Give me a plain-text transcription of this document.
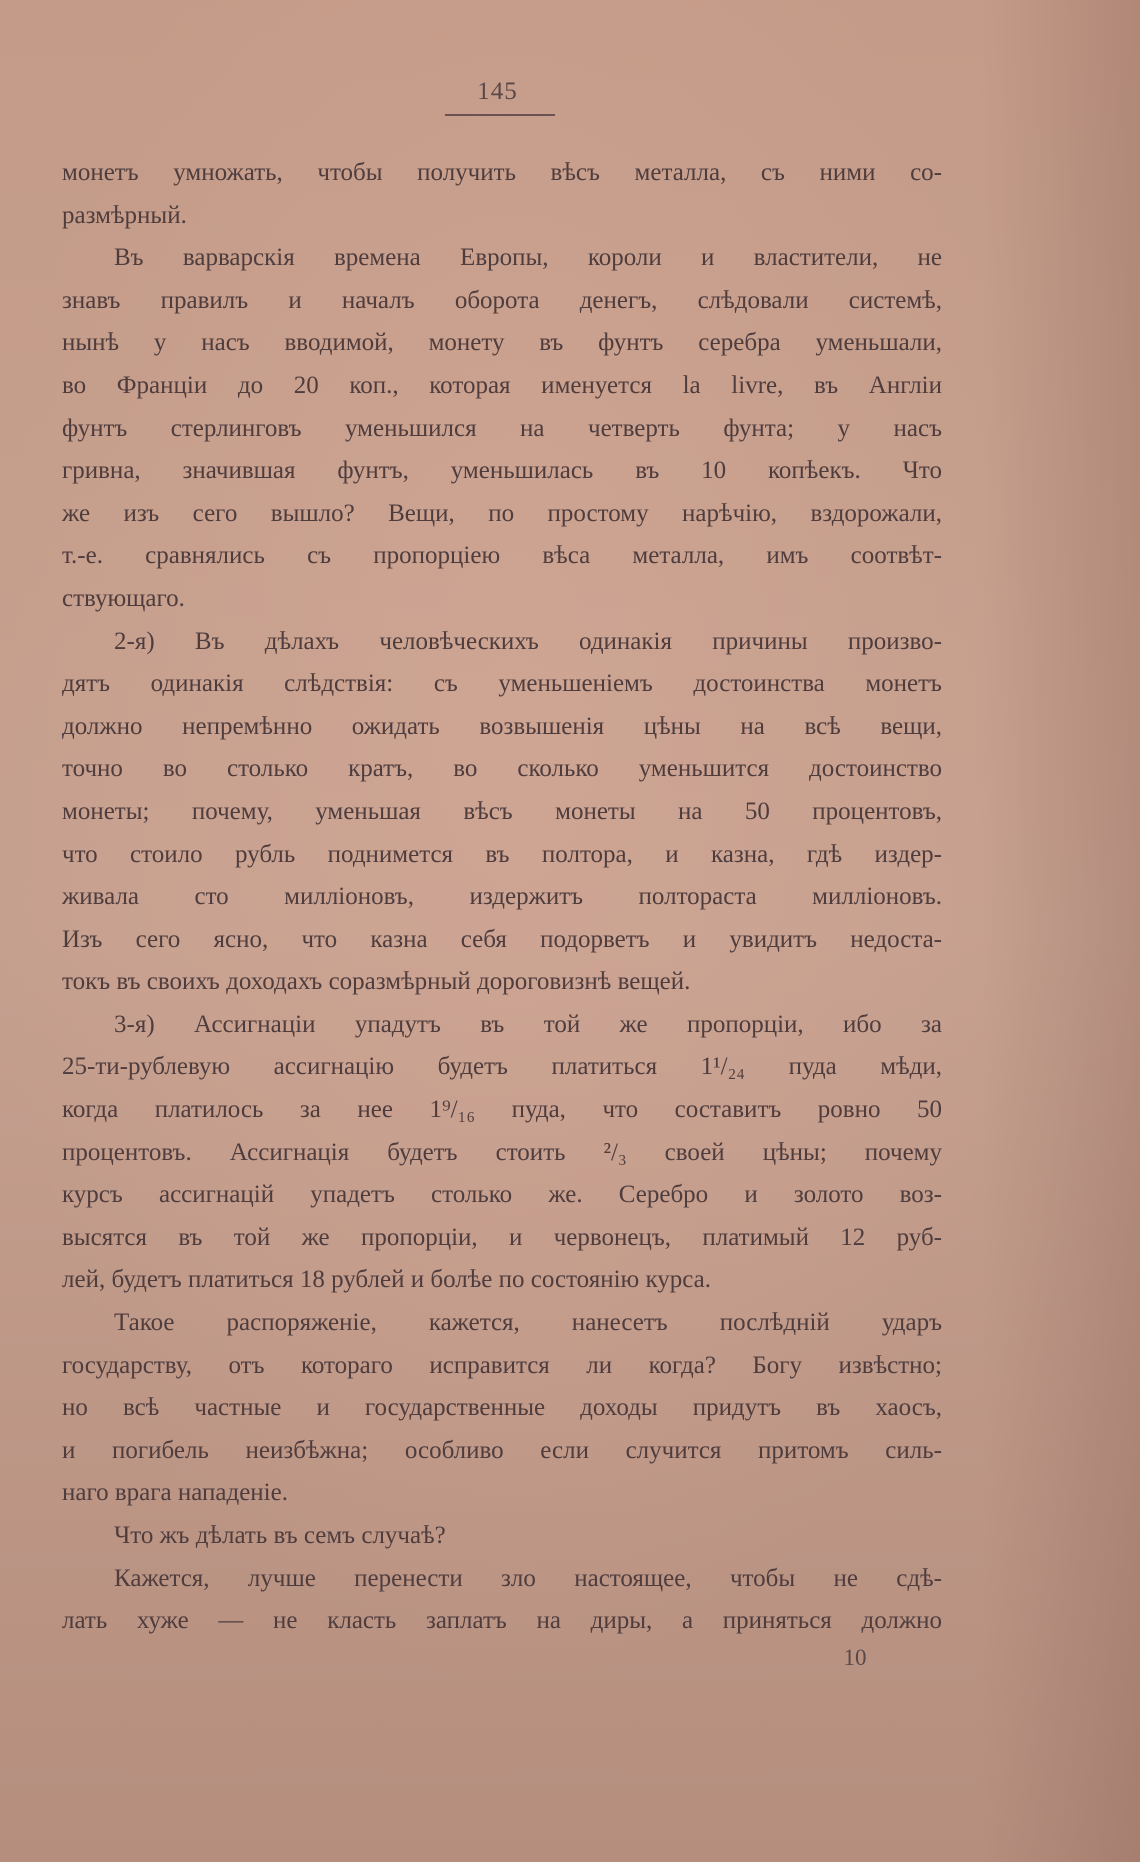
145
монетъ умножать, чтобы получить вѣсъ металла, съ ними со-
размѣрный.
Въ варварскія времена Европы, короли и властители, не
знавъ правилъ и началъ оборота денегъ, слѣдовали системѣ,
нынѣ у насъ вводимой, монету въ фунтъ серебра уменьшали,
во Франціи до 20 коп., которая именуется la livre, въ Англіи
фунтъ стерлинговъ уменьшился на четверть фунта; у насъ
гривна, значившая фунтъ, уменьшилась въ 10 копѣекъ. Что
же изъ сего вышло? Вещи, по простому нарѣчію, вздорожали,
т.-е. сравнялись съ пропорціею вѣса металла, имъ соотвѣт-
ствующаго.
2-я) Въ дѣлахъ человѣческихъ одинакія причины произво-
дятъ одинакія слѣдствія: съ уменьшеніемъ достоинства монетъ
должно непремѣнно ожидать возвышенія цѣны на всѣ вещи,
точно во столько кратъ, во сколько уменьшится достоинство
монеты; почему, уменьшая вѣсъ монеты на 50 процентовъ,
что стоило рубль поднимется въ полтора, и казна, гдѣ издер-
живала сто милліоновъ, издержитъ полтораста милліоновъ.
Изъ сего ясно, что казна себя подорветъ и увидитъ недоста-
токъ въ своихъ доходахъ соразмѣрный дороговизнѣ вещей.
3-я) Ассигнаціи упадутъ въ той же пропорціи, ибо за
25-ти-рублевую ассигнацію будетъ платиться 1¹/₂₄ пуда мѣди,
когда платилось за нее 1⁹/₁₆ пуда, что составитъ ровно 50
процентовъ. Ассигнація будетъ стоить ²/₃ своей цѣны; почему
курсъ ассигнацій упадетъ столько же. Серебро и золото воз-
высятся въ той же пропорціи, и червонецъ, платимый 12 руб-
лей, будетъ платиться 18 рублей и болѣе по состоянію курса.
Такое распоряженіе, кажется, нанесетъ послѣдній ударъ
государству, отъ котораго исправится ли когда? Богу извѣстно;
но всѣ частные и государственные доходы придутъ въ хаосъ,
и погибель неизбѣжна; особливо если случится притомъ силь-
наго врага нападеніе.
Что жъ дѣлать въ семъ случаѣ?
Кажется, лучше перенести зло настоящее, чтобы не сдѣ-
лать хуже — не класть заплатъ на диры, а приняться должно
10
